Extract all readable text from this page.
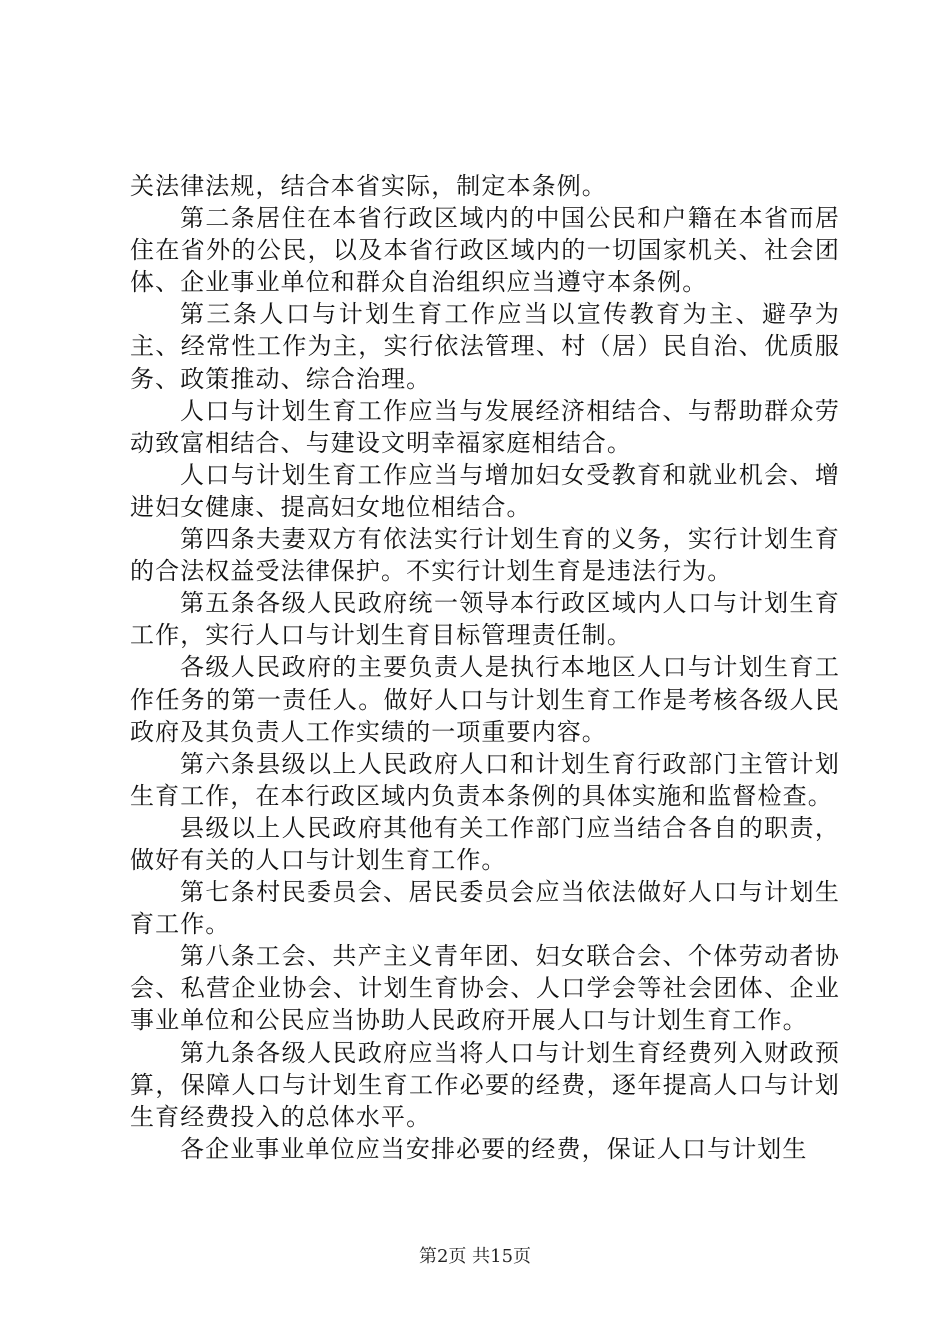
关法律法规，结合本省实际，制定本条例。

第二条居住在本省行政区域内的中国公民和户籍在本省而居住在省外的公民，以及本省行政区域内的一切国家机关、社会团体、企业事业单位和群众自治组织应当遵守本条例。

第三条人口与计划生育工作应当以宣传教育为主、避孕为主、经常性工作为主，实行依法管理、村（居）民自治、优质服务、政策推动、综合治理。

人口与计划生育工作应当与发展经济相结合、与帮助群众劳动致富相结合、与建设文明幸福家庭相结合。

人口与计划生育工作应当与增加妇女受教育和就业机会、增进妇女健康、提高妇女地位相结合。

第四条夫妻双方有依法实行计划生育的义务，实行计划生育的合法权益受法律保护。不实行计划生育是违法行为。

第五条各级人民政府统一领导本行政区域内人口与计划生育工作，实行人口与计划生育目标管理责任制。

各级人民政府的主要负责人是执行本地区人口与计划生育工作任务的第一责任人。做好人口与计划生育工作是考核各级人民政府及其负责人工作实绩的一项重要内容。

第六条县级以上人民政府人口和计划生育行政部门主管计划生育工作，在本行政区域内负责本条例的具体实施和监督检查。

县级以上人民政府其他有关工作部门应当结合各自的职责，做好有关的人口与计划生育工作。

第七条村民委员会、居民委员会应当依法做好人口与计划生育工作。

第八条工会、共产主义青年团、妇女联合会、个体劳动者协会、私营企业协会、计划生育协会、人口学会等社会团体、企业事业单位和公民应当协助人民政府开展人口与计划生育工作。

第九条各级人民政府应当将人口与计划生育经费列入财政预算，保障人口与计划生育工作必要的经费，逐年提高人口与计划生育经费投入的总体水平。

各企业事业单位应当安排必要的经费，保证人口与计划生

第2页 共15页
